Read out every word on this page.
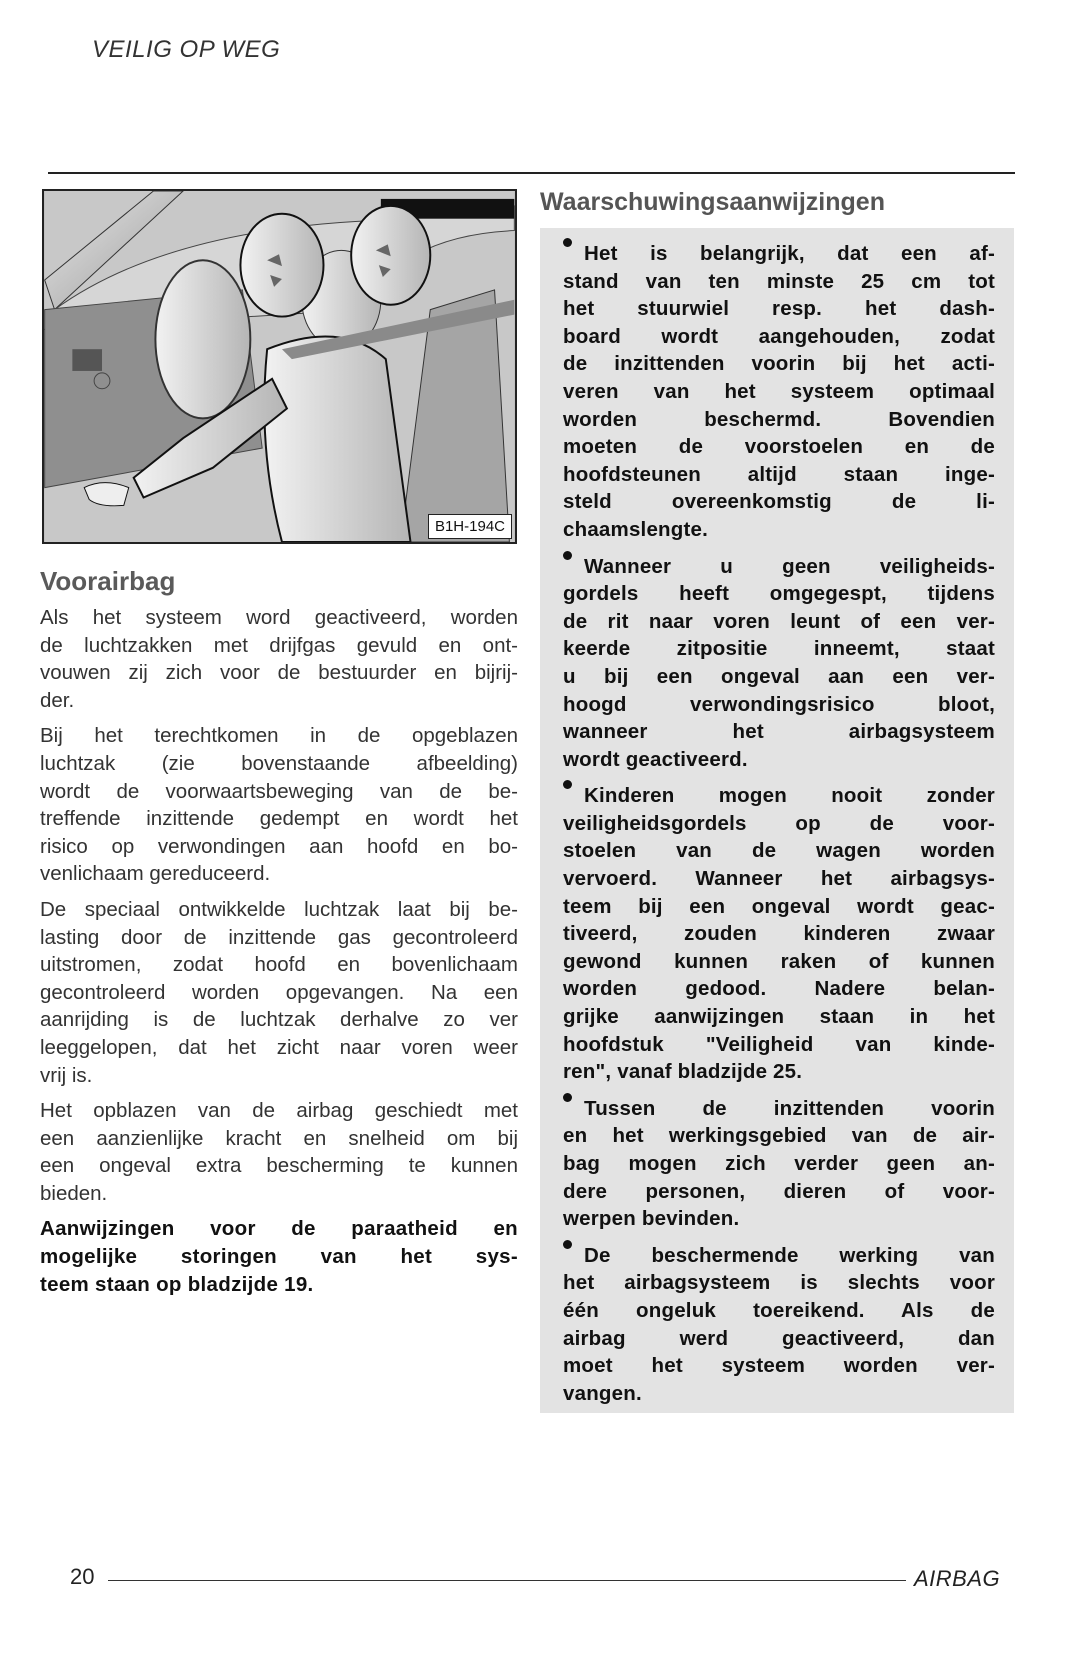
VEILIG OP WEG
B1H-194C
Voorairbag
Als het systeem word geactiveerd, worden
de luchtzakken met drijfgas gevuld en ont-
vouwen zij zich voor de bestuurder en bijrij-
der.
Bij het terechtkomen in de opgeblazen
luchtzak (zie bovenstaande afbeelding)
wordt de voorwaartsbeweging van de be-
treffende inzittende gedempt en wordt het
risico op verwondingen aan hoofd en bo-
venlichaam gereduceerd.
De speciaal ontwikkelde luchtzak laat bij be-
lasting door de inzittende gas gecontroleerd
uitstromen, zodat hoofd en bovenlichaam
gecontroleerd worden opgevangen. Na een
aanrijding is de luchtzak derhalve zo ver
leeggelopen, dat het zicht naar voren weer
vrij is.
Het opblazen van de airbag geschiedt met
een aanzienlijke kracht en snelheid om bij
een ongeval extra bescherming te kunnen
bieden.
Aanwijzingen voor de paraatheid en
mogelijke storingen van het sys-
teem staan op bladzijde 19.
Waarschuwingsaanwijzingen
Het is belangrijk, dat een af-
stand van ten minste 25 cm tot
het stuurwiel resp. het dash-
board wordt aangehouden, zodat
de inzittenden voorin bij het acti-
veren van het systeem optimaal
worden beschermd. Bovendien
moeten de voorstoelen en de
hoofdsteunen altijd staan inge-
steld overeenkomstig de li-
chaamslengte.
Wanneer u geen veiligheids-
gordels heeft omgegespt, tijdens
de rit naar voren leunt of een ver-
keerde zitpositie inneemt, staat
u bij een ongeval aan een ver-
hoogd verwondingsrisico bloot,
wanneer het airbagsysteem
wordt geactiveerd.
Kinderen mogen nooit zonder
veiligheidsgordels op de voor-
stoelen van de wagen worden
vervoerd. Wanneer het airbagsys-
teem bij een ongeval wordt geac-
tiveerd, zouden kinderen zwaar
gewond kunnen raken of kunnen
worden gedood. Nadere belan-
grijke aanwijzingen staan in het
hoofdstuk "Veiligheid van kinde-
ren", vanaf bladzijde 25.
Tussen de inzittenden voorin
en het werkingsgebied van de air-
bag mogen zich verder geen an-
dere personen, dieren of voor-
werpen bevinden.
De beschermende werking van
het airbagsysteem is slechts voor
één ongeluk toereikend. Als de
airbag werd geactiveerd, dan
moet het systeem worden ver-
vangen.
20	AIRBAG
